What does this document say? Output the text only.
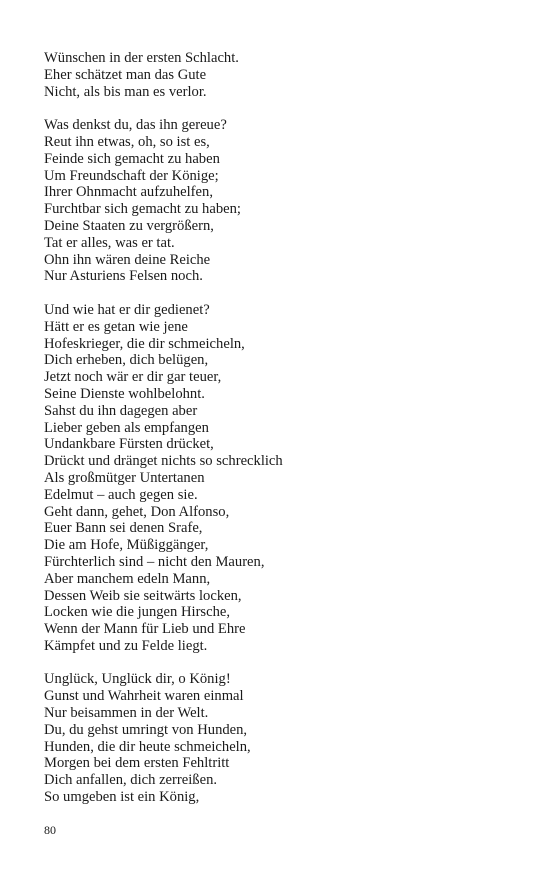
Wünschen in der ersten Schlacht.
Eher schätzet man das Gute
Nicht, als bis man es verlor.
Was denkst du, das ihn gereue?
Reut ihn etwas, oh, so ist es,
Feinde sich gemacht zu haben
Um Freundschaft der Könige;
Ihrer Ohnmacht aufzuhelfen,
Furchtbar sich gemacht zu haben;
Deine Staaten zu vergrößern,
Tat er alles, was er tat.
Ohn ihn wären deine Reiche
Nur Asturiens Felsen noch.
Und wie hat er dir gedienet?
Hätt er es getan wie jene
Hofeskrieger, die dir schmeicheln,
Dich erheben, dich belügen,
Jetzt noch wär er dir gar teuer,
Seine Dienste wohlbelohnt.
Sahst du ihn dagegen aber
Lieber geben als empfangen
Undankbare Fürsten drücket,
Drückt und dränget nichts so schrecklich
Als großmütger Untertanen
Edelmut – auch gegen sie.
Geht dann, gehet, Don Alfonso,
Euer Bann sei denen Srafe,
Die am Hofe, Müßiggänger,
Fürchterlich sind – nicht den Mauren,
Aber manchem edeln Mann,
Dessen Weib sie seitwärts locken,
Locken wie die jungen Hirsche,
Wenn der Mann für Lieb und Ehre
Kämpfet und zu Felde liegt.
Unglück, Unglück dir, o König!
Gunst und Wahrheit waren einmal
Nur beisammen in der Welt.
Du, du gehst umringt von Hunden,
Hunden, die dir heute schmeicheln,
Morgen bei dem ersten Fehltritt
Dich anfallen, dich zerreißen.
So umgeben ist ein König,
80
